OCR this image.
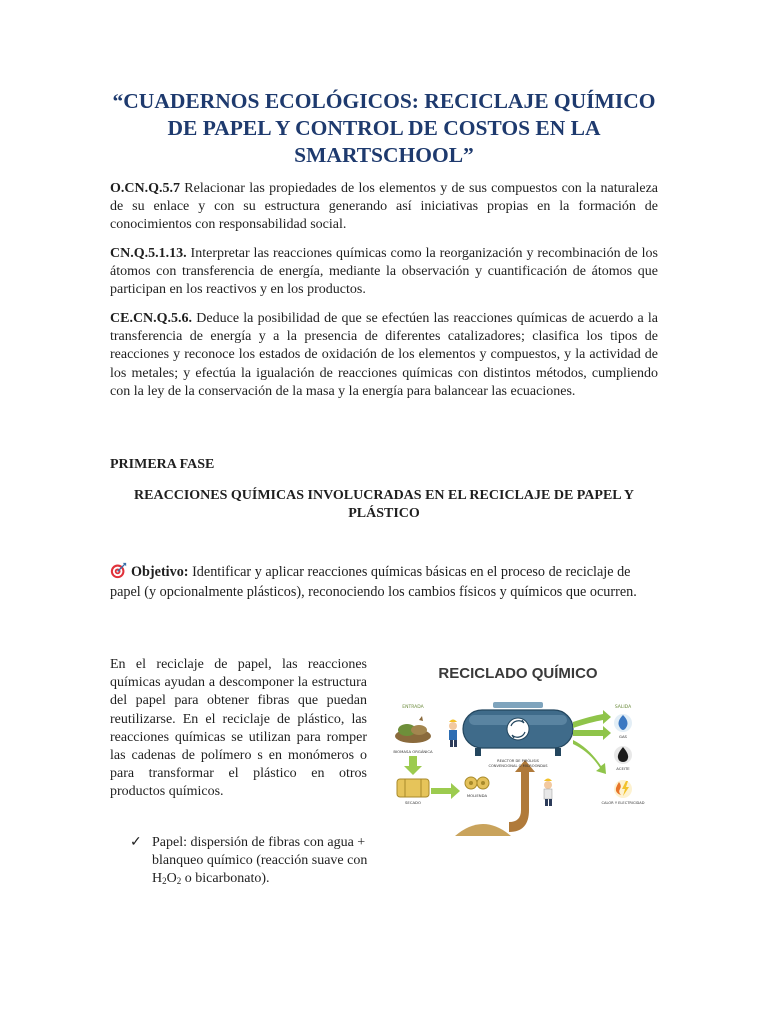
“CUADERNOS ECOLÓGICOS: RECICLAJE QUÍMICO DE PAPEL Y CONTROL DE COSTOS EN LA SMARTSCHOOL”
O.CN.Q.5.7 Relacionar las propiedades de los elementos y de sus compuestos con la naturaleza de su enlace y con su estructura generando así iniciativas propias en la formación de conocimientos con responsabilidad social.
CN.Q.5.1.13. Interpretar las reacciones químicas como la reorganización y recombinación de los átomos con transferencia de energía, mediante la observación y cuantificación de átomos que participan en los reactivos y en los productos.
CE.CN.Q.5.6. Deduce la posibilidad de que se efectúen las reacciones químicas de acuerdo a la transferencia de energía y a la presencia de diferentes catalizadores; clasifica los tipos de reacciones y reconoce los estados de oxidación de los elementos y compuestos, y la actividad de los metales; y efectúa la igualación de reacciones químicas con distintos métodos, cumpliendo con la ley de la conservación de la masa y la energía para balancear las ecuaciones.
PRIMERA FASE
REACCIONES QUÍMICAS INVOLUCRADAS EN EL RECICLAJE DE PAPEL Y PLÁSTICO
Objetivo: Identificar y aplicar reacciones químicas básicas en el proceso de reciclaje de papel (y opcionalmente plásticos), reconociendo los cambios físicos y químicos que ocurren.
En el reciclaje de papel, las reacciones químicas ayudan a descomponer la estructura del papel para obtener fibras que puedan reutilizarse. En el reciclaje de plástico, las reacciones químicas se utilizan para romper las cadenas de polímero s en monómeros o para transformar el plástico en otros productos químicos.
✓ Papel: dispersión de fibras con agua + blanqueo químico (reacción suave con $H_2O_2$ o bicarbonato).
RECICLADO QUÍMICO
ENTRADA	SALIDA
BIOMASA ORGÁNICA
SECADO
MOLIENDA
REACTOR DE PIRÓLISIS
CONVENCIONAL O MICROONDAS
GAS
ACEITE
CALOR Y ELECTRICIDAD
